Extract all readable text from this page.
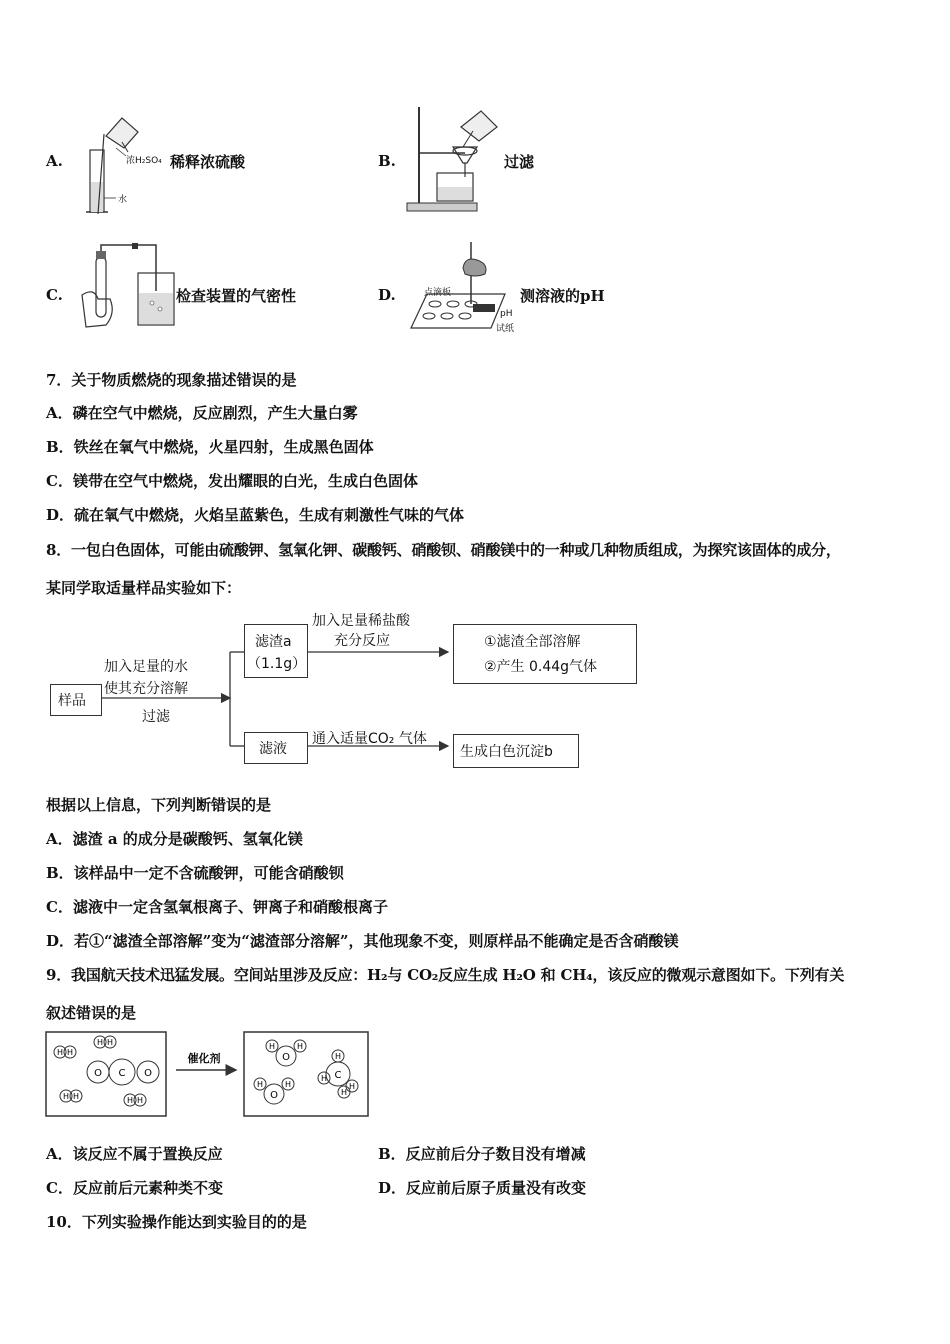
A.	浓H₂SO₄
水
稀释浓硫酸	B.	过滤
C.	检查装置的气密性	D.	点滴板
pH
试纸
测溶液的pH
7．关于物质燃烧的现象描述错误的是
A．磷在空气中燃烧，反应剧烈，产生大量白雾
B．铁丝在氧气中燃烧，火星四射，生成黑色固体
C．镁带在空气中燃烧，发出耀眼的白光，生成白色固体
D．硫在氧气中燃烧，火焰呈蓝紫色，生成有刺激性气味的气体
8．一包白色固体，可能由硫酸钾、氢氧化钾、碳酸钙、硝酸钡、硝酸镁中的一种或几种物质组成，为探究该固体的成分，
某同学取适量样品实验如下：
样品
加入足量的水
使其充分溶解
过滤
滤渣a
（1.1g）
加入足量稀盐酸
充分反应	①滤渣全部溶解
②产生 0.44g气体
滤液
通入适量CO₂ 气体
生成白色沉淀b
根据以上信息，下列判断错误的是
A．滤渣 a 的成分是碳酸钙、氢氧化镁
B．该样品中一定不含硫酸钾，可能含硝酸钡
C．滤液中一定含氢氧根离子、钾离子和硝酸根离子
D．若①“滤渣全部溶解”变为“滤渣部分溶解”，其他现象不变，则原样品不能确定是否含硝酸镁
9．我国航天技术迅猛发展。空间站里涉及反应：H₂与 CO₂反应生成 H₂O 和 CH₄，该反应的微观示意图如下。下列有关
叙述错误的是
H H
H H
H H	H H
O C O
催化剂	O
H	H
O
H	H
C
H
H
H
H
A．该反应不属于置换反应	B．反应前后分子数目没有增减
C．反应前后元素种类不变	D．反应前后原子质量没有改变
10．下列实验操作能达到实验目的的是
